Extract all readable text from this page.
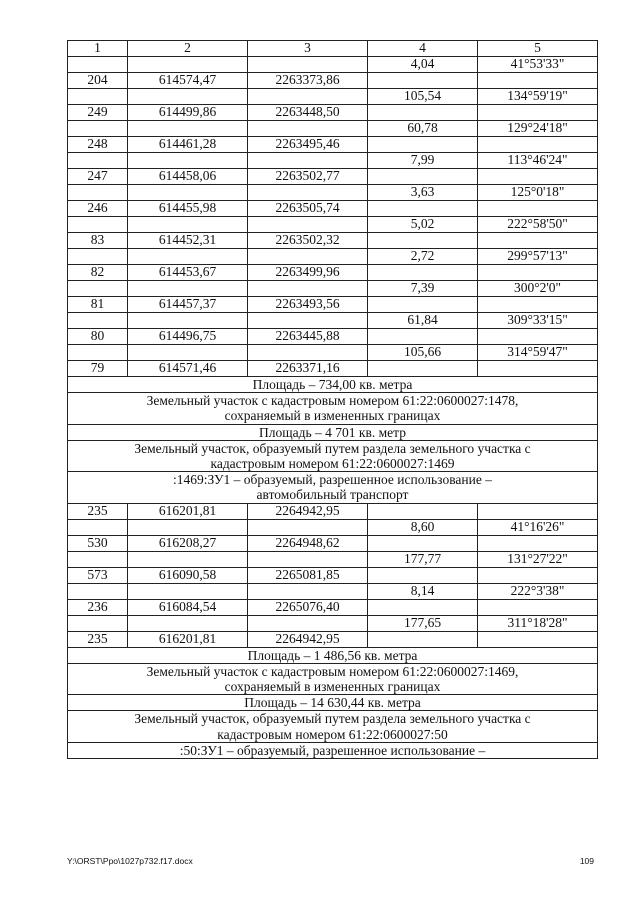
1	2	3	4	5
			4,04	41°53'33"
204	614574,47	2263373,86		
			105,54	134°59'19"
249	614499,86	2263448,50		
			60,78	129°24'18"
248	614461,28	2263495,46		
			7,99	113°46'24"
247	614458,06	2263502,77		
			3,63	125°0'18"
246	614455,98	2263505,74		
			5,02	222°58'50"
83	614452,31	2263502,32		
			2,72	299°57'13"
82	614453,67	2263499,96		
			7,39	300°2'0"
81	614457,37	2263493,56		
			61,84	309°33'15"
80	614496,75	2263445,88		
			105,66	314°59'47"
79	614571,46	2263371,16		

Площадь – 734,00 кв. метра				

Земельный участок с кадастровым номером 61:22:0600027:1478,
сохраняемый в измененных границах				

Площадь – 4 701 кв. метр				

Земельный участок, образуемый путем раздела земельного участка с
кадастровым номером 61:22:0600027:1469				

:1469:ЗУ1 – образуемый, разрешенное использование –
автомобильный транспорт				

235	616201,81	2264942,95		
			8,60	41°16'26"
530	616208,27	2264948,62		
			177,77	131°27'22"
573	616090,58	2265081,85		
			8,14	222°3'38"
236	616084,54	2265076,40		
			177,65	311°18'28"
235	616201,81	2264942,95		

Площадь – 1 486,56 кв. метра				

Земельный участок с кадастровым номером 61:22:0600027:1469,
сохраняемый в измененных границах				

Площадь – 14 630,44 кв. метра				

Земельный участок, образуемый путем раздела земельного участка с
кадастровым номером 61:22:0600027:50				

:50:ЗУ1 – образуемый, разрешенное использование –				
Y:\ORST\Ppo\1027p732.f17.docx	109
